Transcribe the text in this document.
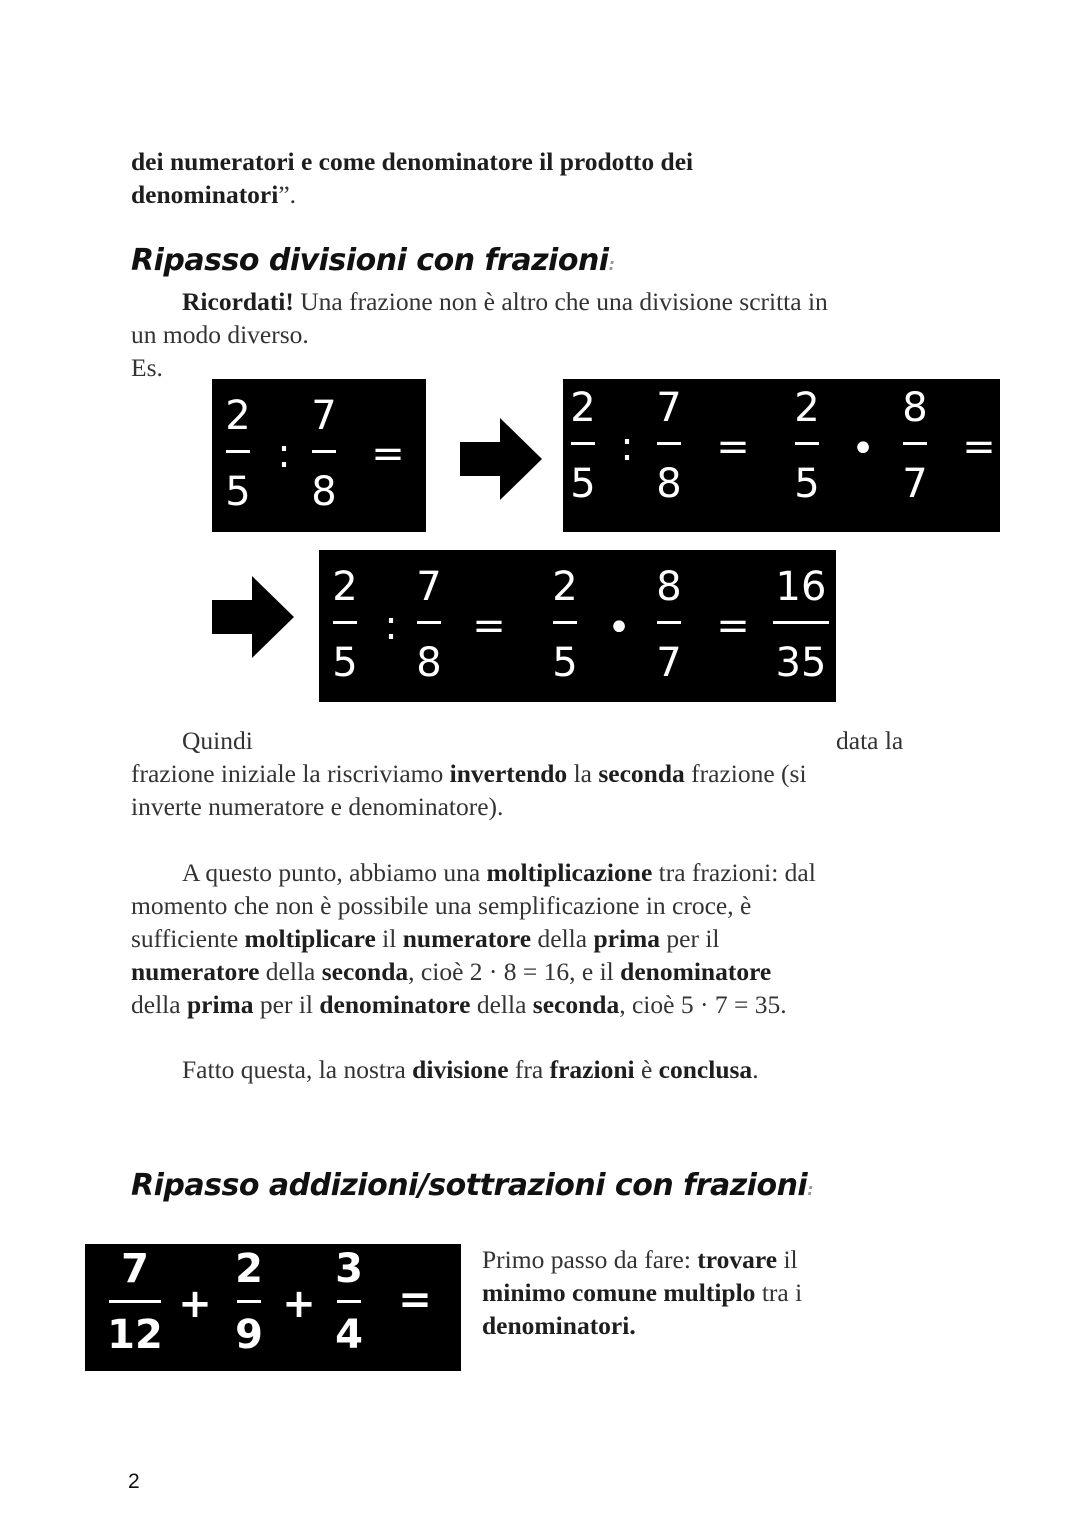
dei numeratori e come denominatore il prodotto dei
denominatori”.

Ripasso divisioni con frazioni:

Ricordati! Una frazione non è altro che una divisione scritta in
un modo diverso.

Es.

2
5
:
7
8
=
2
5
:
7
8
=
2
5
•
8
7
=
2
5
:
7
8
=
2
5
•
8
7
=
16
35

Quindi	data la

frazione iniziale la riscriviamo invertendo la seconda frazione (si
inverte numeratore e denominatore).

A questo punto, abbiamo una moltiplicazione tra frazioni: dal
momento che non è possibile una semplificazione in croce, è
sufficiente moltiplicare il numeratore della prima per il
numeratore della seconda, cioè 2 · 8 = 16, e il denominatore
della prima per il denominatore della seconda, cioè 5 · 7 = 35.

Fatto questa, la nostra divisione fra frazioni è conclusa.

Ripasso addizioni/sottrazioni con frazioni:
7
12
+
2
9
+
3
4
=

Primo passo da fare: trovare il
minimo comune multiplo tra i
denominatori.

2
